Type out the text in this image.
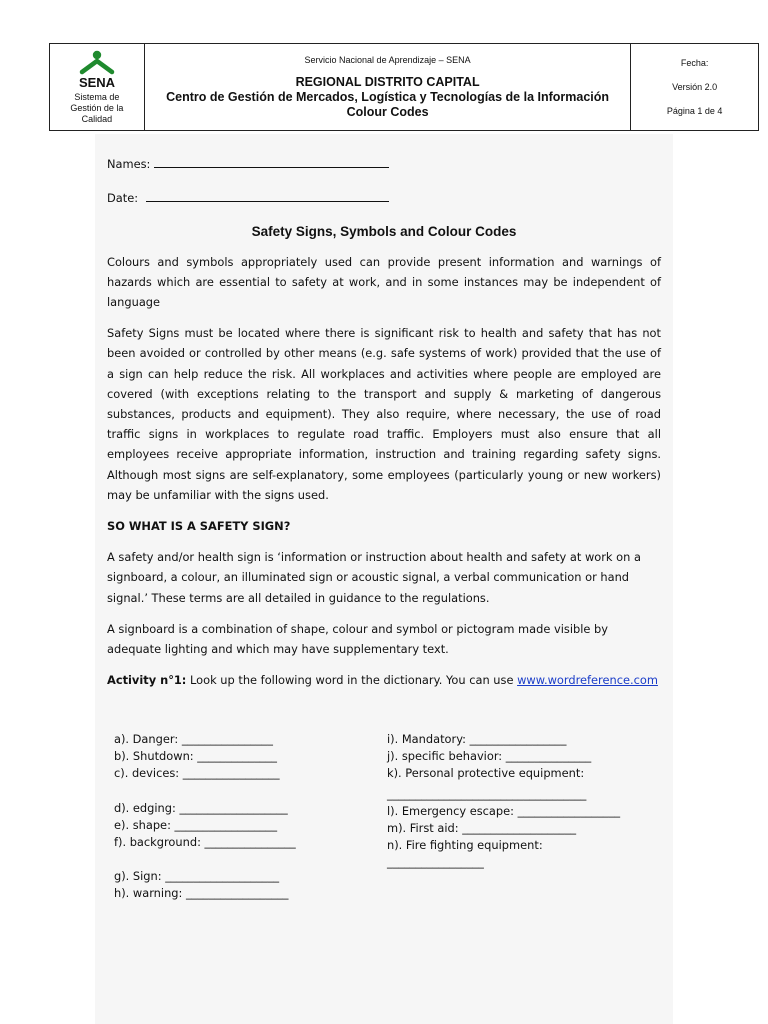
SENA
Sistema de
Gestión de la
Calidad

Servicio Nacional de Aprendizaje – SENA
REGIONAL DISTRITO CAPITAL
Centro de Gestión de Mercados, Logística y Tecnologías de la Información
Colour Codes

Fecha:
Versión 2.0
Página 1 de 4

Names:

Date:

Safety Signs, Symbols and Colour Codes

Colours and symbols appropriately used can provide present information and warnings of hazards which are essential to safety at work, and in some instances may be independent of language

Safety Signs must be located where there is significant risk to health and safety that has not been avoided or controlled by other means (e.g. safe systems of work) provided that the use of a sign can help reduce the risk. All workplaces and activities where people are employed are covered (with exceptions relating to the transport and supply & marketing of dangerous substances, products and equipment). They also require, where necessary, the use of road traffic signs in workplaces to regulate road traffic. Employers must also ensure that all employees receive appropriate information, instruction and training regarding safety signs. Although most signs are self-explanatory, some employees (particularly young or new workers) may be unfamiliar with the signs used.

SO WHAT IS A SAFETY SIGN?

A safety and/or health sign is ‘information or instruction about health and safety at work on a signboard, a colour, an illuminated sign or acoustic signal, a verbal communication or hand signal.’ These terms are all detailed in guidance to the regulations.

A signboard is a combination of shape, colour and symbol or pictogram made visible by adequate lighting and which may have supplementary text.

Activity n°1: Look up the following word in the dictionary. You can use www.wordreference.com

a). Danger: ________________
b). Shutdown: ______________
c). devices: _________________
d). edging: ___________________
e). shape: __________________
f). background: ________________
g). Sign: ____________________
h). warning: __________________
i). Mandatory: _________________
j). specific behavior: _______________
k). Personal protective equipment:
___________________________________
l). Emergency escape: __________________
m). First aid: ____________________
n). Fire fighting equipment:
_________________
